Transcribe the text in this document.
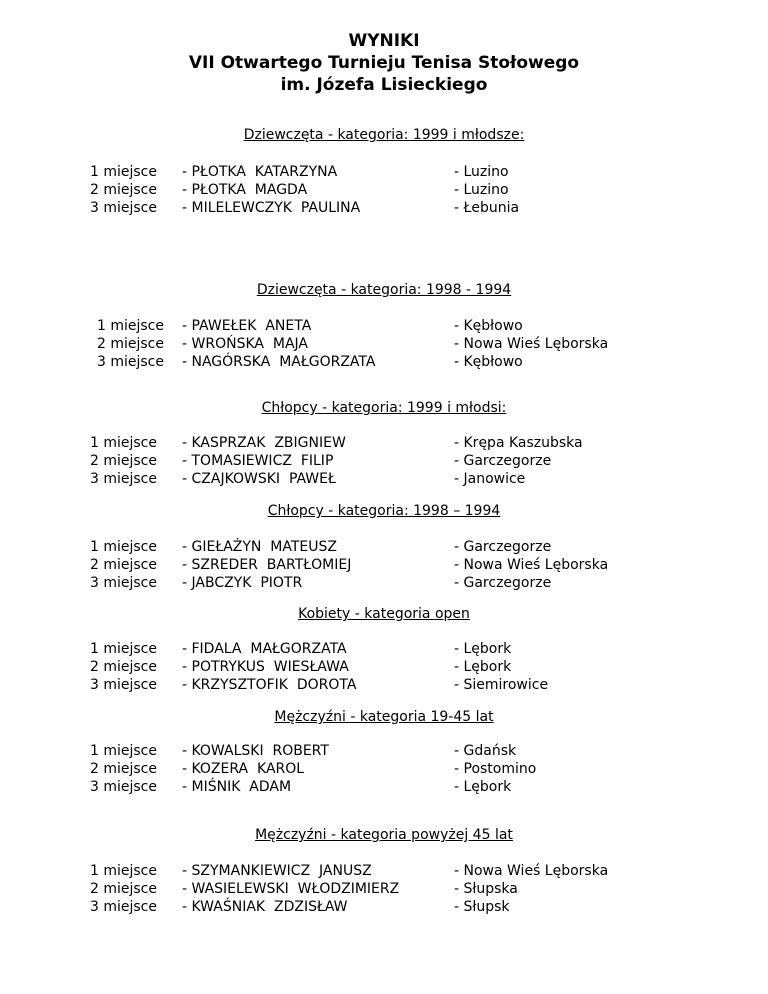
WYNIKI
VII Otwartego Turnieju Tenisa Stołowego
im. Józefa Lisieckiego
Dziewczęta - kategoria: 1999 i młodsze:
1 miejsce - PŁOTKA  KATARZYNA	- Luzino
2 miejsce - PŁOTKA  MAGDA	- Luzino
3 miejsce - MILELEWCZYK  PAULINA	- Łebunia
Dziewczęta - kategoria: 1998 - 1994
1 miejsce - PAWEŁEK  ANETA	- Kębłowo
2 miejsce - WROŃSKA  MAJA	- Nowa Wieś Lęborska
3 miejsce - NAGÓRSKA  MAŁGORZATA	- Kębłowo
Chłopcy - kategoria: 1999 i młodsi:
1 miejsce - KASPRZAK  ZBIGNIEW	- Krępa Kaszubska
2 miejsce - TOMASIEWICZ  FILIP	- Garczegorze
3 miejsce - CZAJKOWSKI  PAWEŁ	- Janowice
Chłopcy - kategoria: 1998 – 1994
1 miejsce - GIEŁAŻYN  MATEUSZ	- Garczegorze
2 miejsce - SZREDER  BARTŁOMIEJ	- Nowa Wieś Lęborska
3 miejsce - JABCZYK  PIOTR	- Garczegorze
Kobiety - kategoria open
1 miejsce - FIDALA  MAŁGORZATA	- Lębork
2 miejsce - POTRYKUS  WIESŁAWA	- Lębork
3 miejsce - KRZYSZTOFIK  DOROTA	- Siemirowice
Mężczyźni - kategoria 19-45 lat
1 miejsce - KOWALSKI  ROBERT	- Gdańsk
2 miejsce - KOZERA  KAROL	- Postomino
3 miejsce - MIŚNIK  ADAM	- Lębork
Mężczyźni - kategoria powyżej 45 lat
1 miejsce - SZYMANKIEWICZ  JANUSZ	- Nowa Wieś Lęborska
2 miejsce - WASIELEWSKI  WŁODZIMIERZ	- Słupska
3 miejsce - KWAŚNIAK  ZDZISŁAW	- Słupsk
